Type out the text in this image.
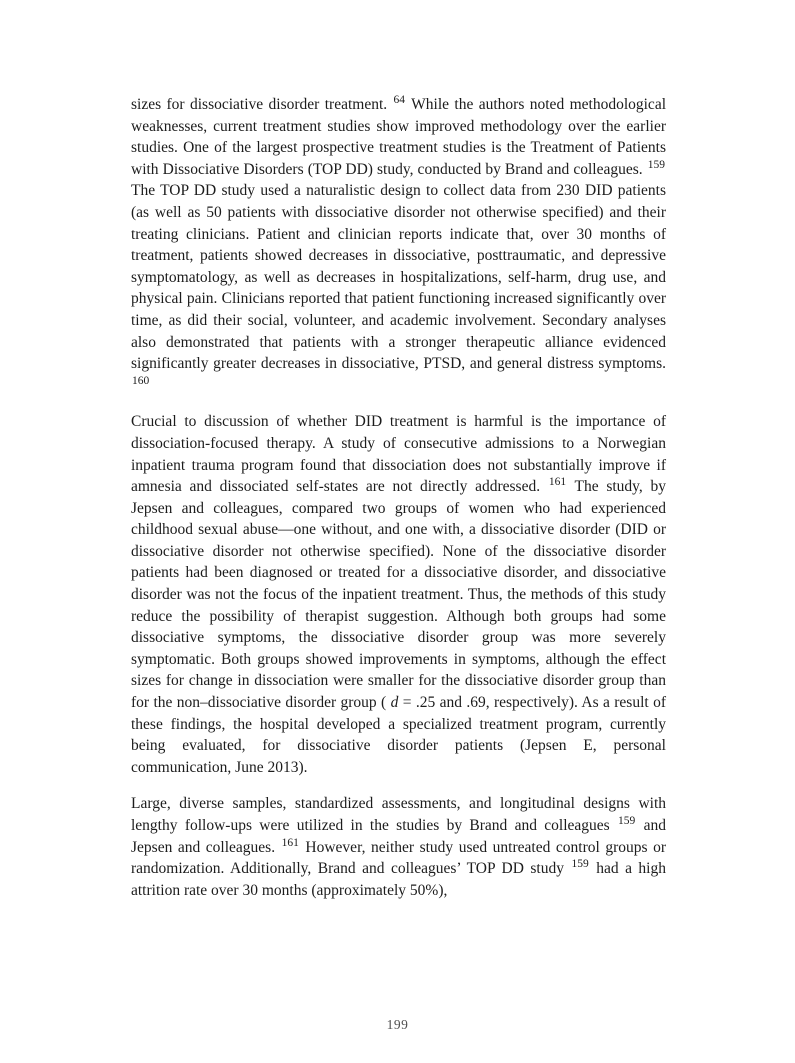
sizes for dissociative disorder treatment. $^{64}$ While the authors noted methodological weaknesses, current treatment studies show improved methodology over the earlier studies. One of the largest prospective treatment studies is the Treatment of Patients with Dissociative Disorders (TOP DD) study, conducted by Brand and colleagues. $^{159}$ The TOP DD study used a naturalistic design to collect data from 230 DID patients (as well as 50 patients with dissociative disorder not otherwise specified) and their treating clinicians. Patient and clinician reports indicate that, over 30 months of treatment, patients showed decreases in dissociative, posttraumatic, and depressive symptomatology, as well as decreases in hospitalizations, self-harm, drug use, and physical pain. Clinicians reported that patient functioning increased significantly over time, as did their social, volunteer, and academic involvement. Secondary analyses also demonstrated that patients with a stronger therapeutic alliance evidenced significantly greater decreases in dissociative, PTSD, and general distress symptoms. $^{160}$

Crucial to discussion of whether DID treatment is harmful is the importance of dissociation-focused therapy. A study of consecutive admissions to a Norwegian inpatient trauma program found that dissociation does not substantially improve if amnesia and dissociated self-states are not directly addressed. $^{161}$ The study, by Jepsen and colleagues, compared two groups of women who had experienced childhood sexual abuse—one without, and one with, a dissociative disorder (DID or dissociative disorder not otherwise specified). None of the dissociative disorder patients had been diagnosed or treated for a dissociative disorder, and dissociative disorder was not the focus of the inpatient treatment. Thus, the methods of this study reduce the possibility of therapist suggestion. Although both groups had some dissociative symptoms, the dissociative disorder group was more severely symptomatic. Both groups showed improvements in symptoms, although the effect sizes for change in dissociation were smaller for the dissociative disorder group than for the non–dissociative disorder group ( d = .25 and .69, respectively). As a result of these findings, the hospital developed a specialized treatment program, currently being evaluated, for dissociative disorder patients (Jepsen E, personal communication, June 2013).

Large, diverse samples, standardized assessments, and longitudinal designs with lengthy follow-ups were utilized in the studies by Brand and colleagues $^{159}$ and Jepsen and colleagues. $^{161}$ However, neither study used untreated control groups or randomization. Additionally, Brand and colleagues’ TOP DD study $^{159}$ had a high attrition rate over 30 months (approximately 50%),

199
